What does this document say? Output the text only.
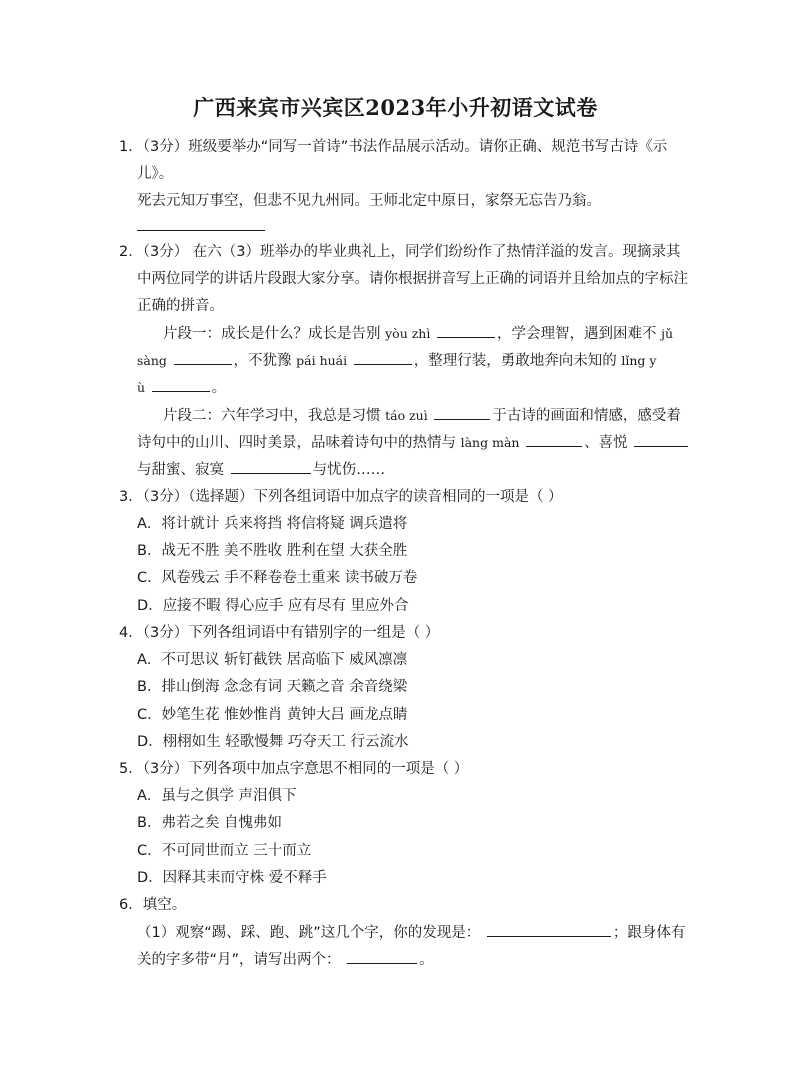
广西来宾市兴宾区2023年小升初语文试卷
1．（3分）班级要举办“同写一首诗”书法作品展示活动。请你正确、规范书写古诗《示
儿》。
死去元知万事空，但悲不见九州同。王师北定中原日，家祭无忘告乃翁。
2．（3分） 在六（3）班举办的毕业典礼上，同学们纷纷作了热情洋溢的发言。现摘录其
中两位同学的讲话片段跟大家分享。请你根据拼音写上正确的词语并且给加点的字标注
正确的拼音。
片段一：成长是什么？成长是告别 yòu zhì	，学会理智，遇到困难不 jǔ
sàng	，不犹豫 pái huái	，整理行装，勇敢地奔向未知的 lǐng y
ù	。
片段二：六年学习中，我总是习惯 táo zuì	于古诗的画面和情感，感受着
诗句中的山川、四时美景，品味着诗句中的热情与 làng màn	、喜悦
与甜蜜、寂寞	与忧伤……
3．（3分）（选择题）下列各组词语中加点字的读音相同的一项是（ ）
A．将计就计 兵来将挡 将信将疑 调兵遣将
B．战无不胜 美不胜收 胜利在望 大获全胜
C．风卷残云 手不释卷卷土重来 读书破万卷
D．应接不暇 得心应手 应有尽有 里应外合
4．（3分）下列各组词语中有错别字的一组是（ ）
A．不可思议 斩钉截铁 居高临下 威风凛凛
B．排山倒海 念念有词 天籁之音 余音绕梁
C．妙笔生花 惟妙惟肖 黄钟大吕 画龙点睛
D．栩栩如生 轻歌慢舞 巧夺天工 行云流水
5．（3分）下列各项中加点字意思不相同的一项是（ ）
A．虽与之俱学 声泪俱下
B．弗若之矣 自愧弗如
C．不可同世而立 三十而立
D．因释其耒而守株 爱不释手
6．填空。
（1）观察“踢、踩、跑、跳”这几个字，你的发现是：	；跟身体有
关的字多带“月”，请写出两个：	。
